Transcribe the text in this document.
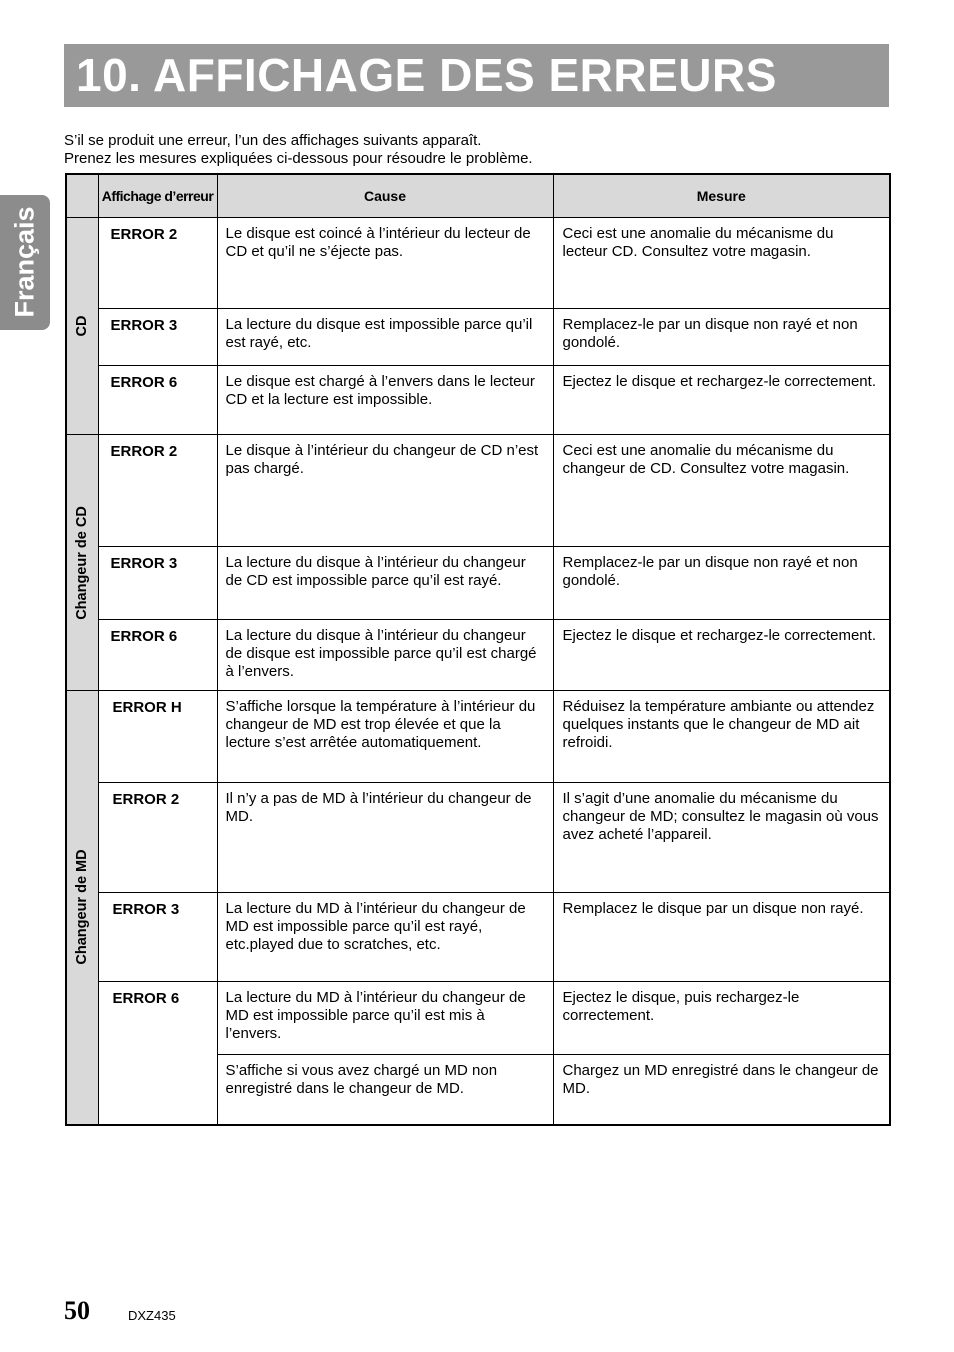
10. AFFICHAGE DES ERREURS
Français

S’il se produit une erreur, l’un des affichages suivants apparaît.

Prenez les mesures expliquées ci-dessous pour résoudre le problème.

	Affichage d’erreur	Cause	Mesure

CD	ERROR 2	Le disque est coincé à l’intérieur du lecteur de CD et qu’il ne s’éjecte pas.	Ceci est une anomalie du mécanisme du lecteur CD. Consultez votre magasin.
	ERROR 3	La lecture du disque est impossible parce qu’il est rayé, etc.	Remplacez-le par un disque non rayé et non gondolé.
	ERROR 6	Le disque est chargé à l’envers dans le lecteur CD et la lecture est impossible.	Ejectez le disque et rechargez-le correctement.

Changeur de CD	ERROR 2	Le disque à l’intérieur du changeur de CD n’est pas chargé.	Ceci est une anomalie du mécanisme du changeur de CD. Consultez votre magasin.
	ERROR 3	La lecture du disque à l’intérieur du changeur de CD est impossible parce qu’il est rayé.	Remplacez-le par un disque non rayé et non gondolé.
	ERROR 6	La lecture du disque à l’intérieur du changeur de disque est impossible parce qu’il est chargé à l’envers.	Ejectez le disque et rechargez-le correctement.

Changeur de MD	ERROR H	S’affiche lorsque la température à l’intérieur du changeur de MD est trop élevée et que la lecture s’est arrêtée automatiquement.	Réduisez la température ambiante ou attendez quelques instants que le changeur de MD ait refroidi.
	ERROR 2	Il n’y a pas de MD à l’intérieur du changeur de MD.	Il s’agit d’une anomalie du mécanisme du changeur de MD; consultez le magasin où vous avez acheté l’appareil.
	ERROR 3	La lecture du MD à l’intérieur du changeur de MD est impossible parce qu’il est rayé, etc.played due to scratches, etc.	Remplacez le disque par un disque non rayé.
	ERROR 6	La lecture du MD à l’intérieur du changeur de MD est impossible parce qu’il est mis à l’envers.	Ejectez le disque, puis rechargez-le correctement.
		S’affiche si vous avez chargé un MD non enregistré dans le changeur de MD.	Chargez un MD enregistré dans le changeur de MD.
50	DXZ435
